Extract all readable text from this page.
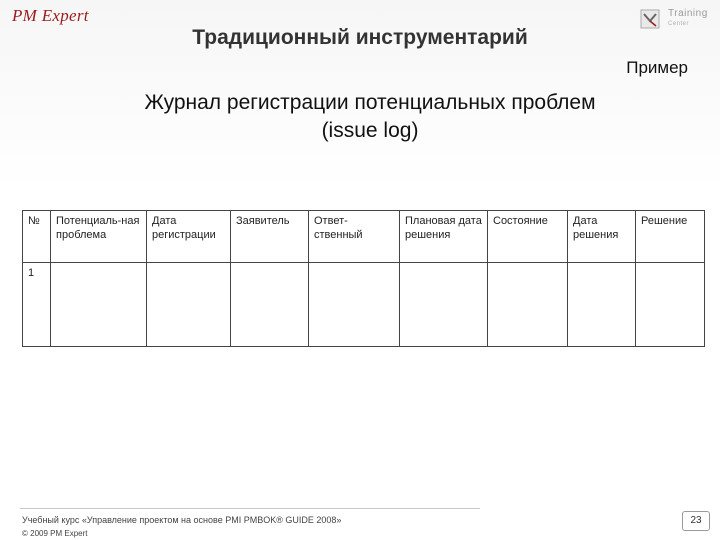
PM Expert	Training
Center
Традиционный инструментарий
Пример
Журнал регистрации потенциальных проблем
(issue log)
№	Потенциаль-ная проблема	Дата регистрации	Заявитель	Ответ-ственный	Плановая дата решения	Состояние	Дата решения	Решение
1								
Учебный курс «Управление проектом на основе PMI PMBOK® GUIDE 2008»
© 2009 PM Expert
23
